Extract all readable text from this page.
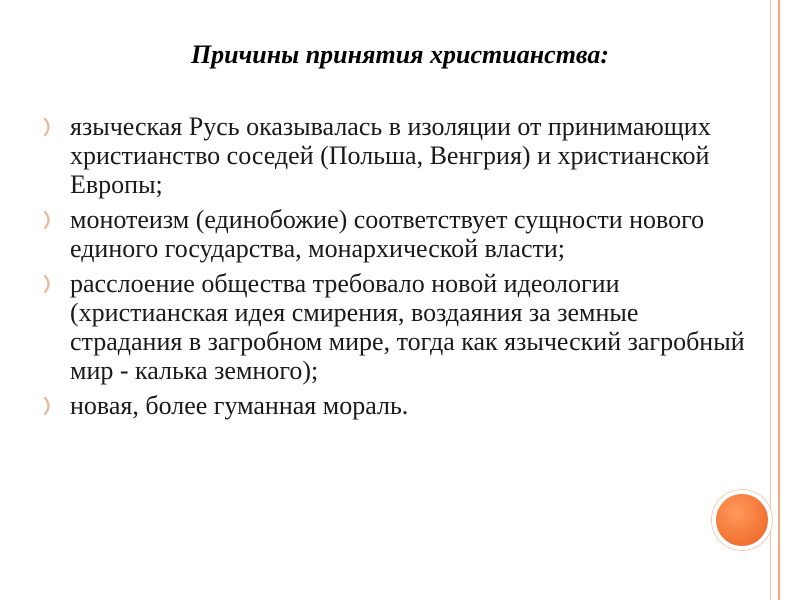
Причины принятия христианства:
языческая Русь оказывалась в изоляции от принимающих христианство соседей (Польша, Венгрия) и христианской Европы;
монотеизм (единобожие) соответствует сущности нового единого государства, монархической власти;
расслоение общества требовало новой идеологии (христианская идея смирения, воздаяния за земные страдания в загробном мире, тогда как языческий загробный мир - калька земного);
новая, более гуманная мораль.
